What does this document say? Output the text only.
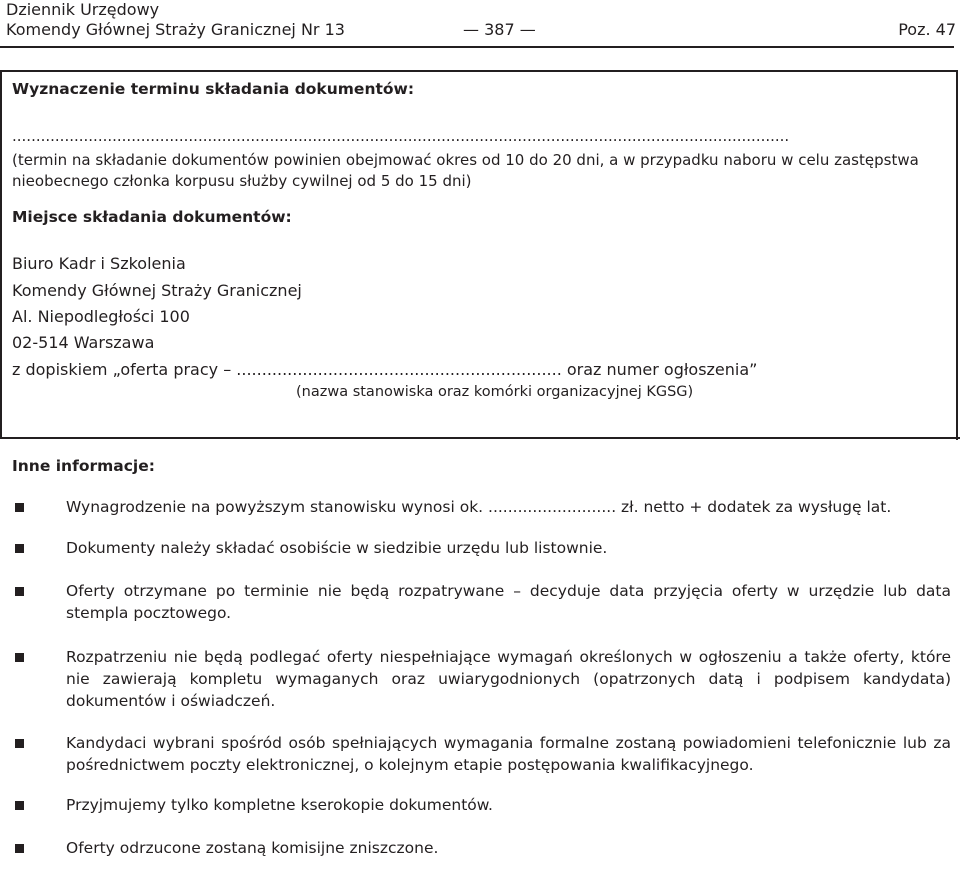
Dziennik Urzędowy
Komendy Głównej Straży Granicznej Nr 13	Poz. 47
— 387 —
Wyznaczenie terminu składania dokumentów:
...................................................................................................................................................................
(termin na składanie dokumentów powinien obejmować okres od 10 do 20 dni, a w przypadku naboru w celu zastępstwa
nieobecnego członka korpusu służby cywilnej od 5 do 15 dni)
Miejsce składania dokumentów:
Biuro Kadr i Szkolenia
Komendy Głównej Straży Granicznej
Al. Niepodległości 100
02-514 Warszawa
z dopiskiem „oferta pracy – ................................................................ oraz numer ogłoszenia”
(nazwa stanowiska oraz komórki organizacyjnej KGSG)
Inne informacje:
Wynagrodzenie na powyższym stanowisku wynosi ok. .......................... zł. netto + dodatek za wysługę lat.
Dokumenty należy składać osobiście w siedzibie urzędu lub listownie.
Oferty otrzymane po terminie nie będą rozpatrywane – decyduje data przyjęcia oferty w urzędzie lub data stempla pocztowego.
Rozpatrzeniu nie będą podlegać oferty niespełniające wymagań określonych w ogłoszeniu a także oferty, które nie zawierają kompletu wymaganych oraz uwiarygodnionych (opatrzonych datą i podpisem kandydata) dokumentów i oświadczeń.
Kandydaci wybrani spośród osób spełniających wymagania formalne zostaną powiadomieni telefonicznie lub za pośrednictwem poczty elektronicznej, o kolejnym etapie postępowania kwalifikacyjnego.
Przyjmujemy tylko kompletne kserokopie dokumentów.
Oferty odrzucone zostaną komisijne zniszczone.
